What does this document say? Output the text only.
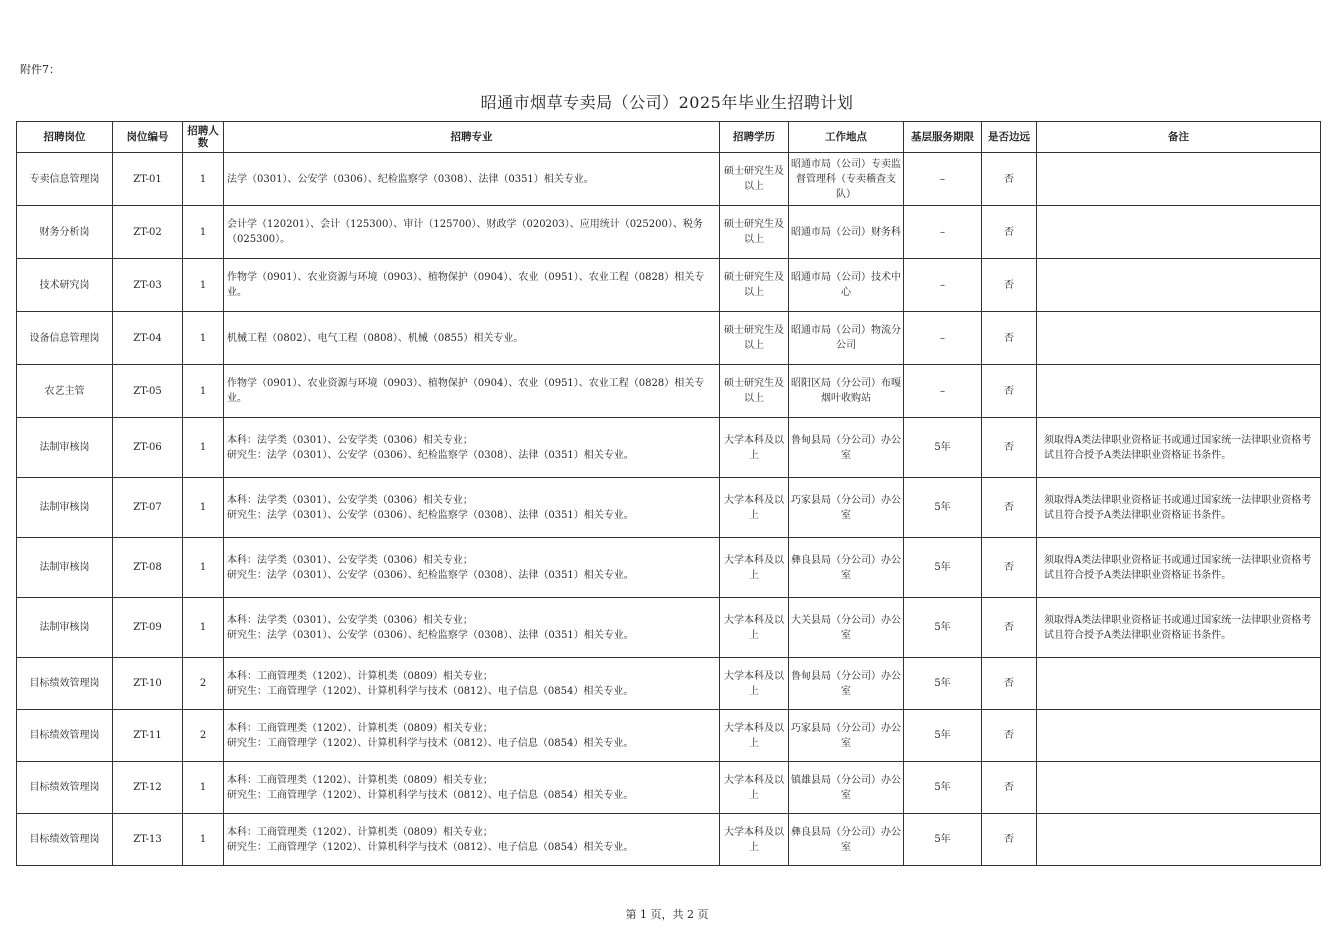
附件7：
昭通市烟草专卖局（公司）2025年毕业生招聘计划
招聘岗位	岗位编号	招聘人数	招聘专业	招聘学历	工作地点	基层服务期限	是否边远	备注
专卖信息管理岗	ZT-01	1	法学（0301）、公安学（0306）、纪检监察学（0308）、法律（0351）相关专业。	硕士研究生及以上	昭通市局（公司）专卖监督管理科（专卖稽查支队）	–	否	
财务分析岗	ZT-02	1	会计学（120201）、会计（125300）、审计（125700）、财政学（020203）、应用统计（025200）、税务（025300）。	硕士研究生及以上	昭通市局（公司）财务科	–	否	
技术研究岗	ZT-03	1	作物学（0901）、农业资源与环境（0903）、植物保护（0904）、农业（0951）、农业工程（0828）相关专业。	硕士研究生及以上	昭通市局（公司）技术中心	–	否	
设备信息管理岗	ZT-04	1	机械工程（0802）、电气工程（0808）、机械（0855）相关专业。	硕士研究生及以上	昭通市局（公司）物流分公司	–	否	
农艺主管	ZT-05	1	作物学（0901）、农业资源与环境（0903）、植物保护（0904）、农业（0951）、农业工程（0828）相关专业。	硕士研究生及以上	昭阳区局（分公司）布嘎烟叶收购站	–	否	
法制审核岗	ZT-06	1	本科：法学类（0301）、公安学类（0306）相关专业；
研究生：法学（0301）、公安学（0306）、纪检监察学（0308）、法律（0351）相关专业。	大学本科及以上	鲁甸县局（分公司）办公室	5年	否	须取得A类法律职业资格证书或通过国家统一法律职业资格考试且符合授予A类法律职业资格证书条件。
法制审核岗	ZT-07	1	本科：法学类（0301）、公安学类（0306）相关专业；
研究生：法学（0301）、公安学（0306）、纪检监察学（0308）、法律（0351）相关专业。	大学本科及以上	巧家县局（分公司）办公室	5年	否	须取得A类法律职业资格证书或通过国家统一法律职业资格考试且符合授予A类法律职业资格证书条件。
法制审核岗	ZT-08	1	本科：法学类（0301）、公安学类（0306）相关专业；
研究生：法学（0301）、公安学（0306）、纪检监察学（0308）、法律（0351）相关专业。	大学本科及以上	彝良县局（分公司）办公室	5年	否	须取得A类法律职业资格证书或通过国家统一法律职业资格考试且符合授予A类法律职业资格证书条件。
法制审核岗	ZT-09	1	本科：法学类（0301）、公安学类（0306）相关专业；
研究生：法学（0301）、公安学（0306）、纪检监察学（0308）、法律（0351）相关专业。	大学本科及以上	大关县局（分公司）办公室	5年	否	须取得A类法律职业资格证书或通过国家统一法律职业资格考试且符合授予A类法律职业资格证书条件。
目标绩效管理岗	ZT-10	2	本科：工商管理类（1202）、计算机类（0809）相关专业；
研究生：工商管理学（1202）、计算机科学与技术（0812）、电子信息（0854）相关专业。	大学本科及以上	鲁甸县局（分公司）办公室	5年	否	
目标绩效管理岗	ZT-11	2	本科：工商管理类（1202）、计算机类（0809）相关专业；
研究生：工商管理学（1202）、计算机科学与技术（0812）、电子信息（0854）相关专业。	大学本科及以上	巧家县局（分公司）办公室	5年	否	
目标绩效管理岗	ZT-12	1	本科：工商管理类（1202）、计算机类（0809）相关专业；
研究生：工商管理学（1202）、计算机科学与技术（0812）、电子信息（0854）相关专业。	大学本科及以上	镇雄县局（分公司）办公室	5年	否	
目标绩效管理岗	ZT-13	1	本科：工商管理类（1202）、计算机类（0809）相关专业；
研究生：工商管理学（1202）、计算机科学与技术（0812）、电子信息（0854）相关专业。	大学本科及以上	彝良县局（分公司）办公室	5年	否	
第 1 页，共 2 页
